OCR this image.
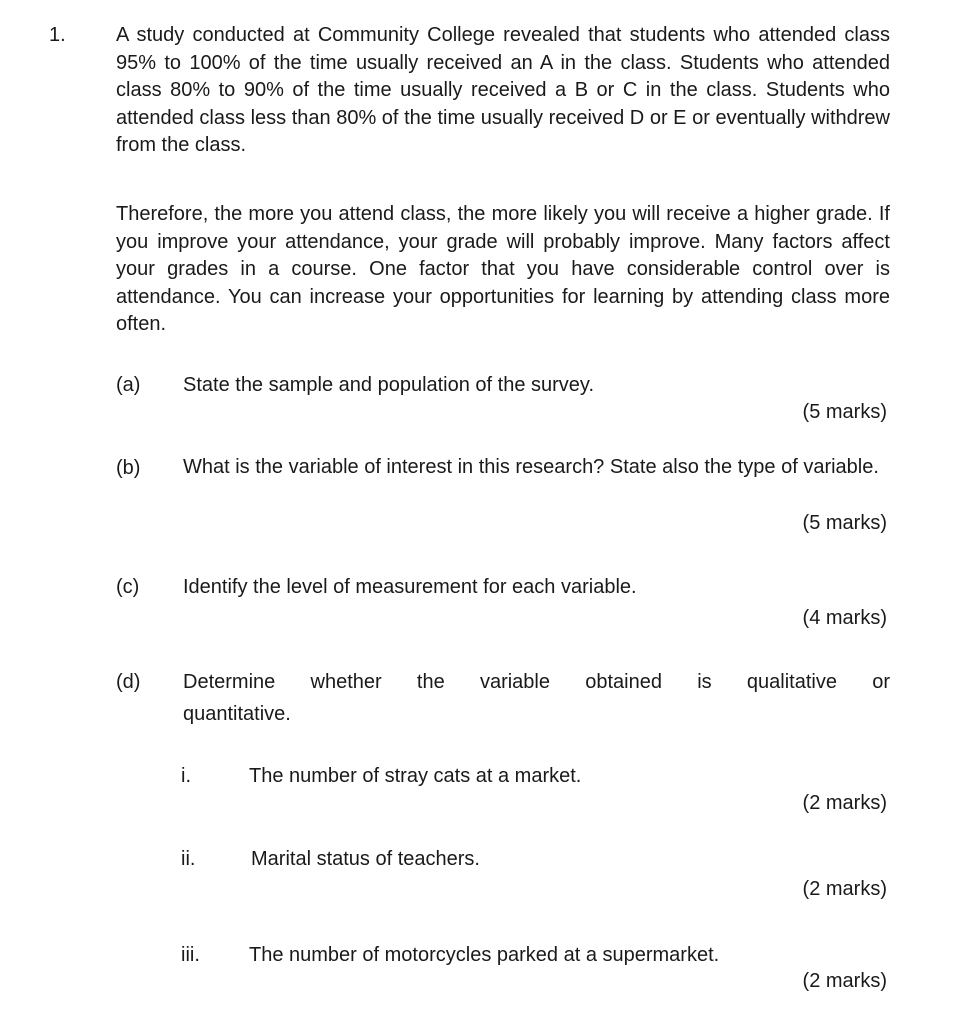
1.	A study conducted at Community College revealed that students who attended class 95% to 100% of the time usually received an A in the class. Students who attended class 80% to 90% of the time usually received a B or C in the class. Students who attended class less than 80% of the time usually received D or E or eventually withdrew from the class.
Therefore, the more you attend class, the more likely you will receive a higher grade. If you improve your attendance, your grade will probably improve. Many factors affect your grades in a course. One factor that you have considerable control over is attendance. You can increase your opportunities for learning by attending class more often.
(a) State the sample and population of the survey.
(5 marks)
(b) What is the variable of interest in this research? State also the type of variable.
(5 marks)
(c) Identify the level of measurement for each variable.
(4 marks)
(d) Determine whether the variable obtained is qualitative or
quantitative.
i.	The number of stray cats at a market.
(2 marks)
ii.	Marital status of teachers.
(2 marks)
iii. The number of motorcycles parked at a supermarket.
(2 marks)
